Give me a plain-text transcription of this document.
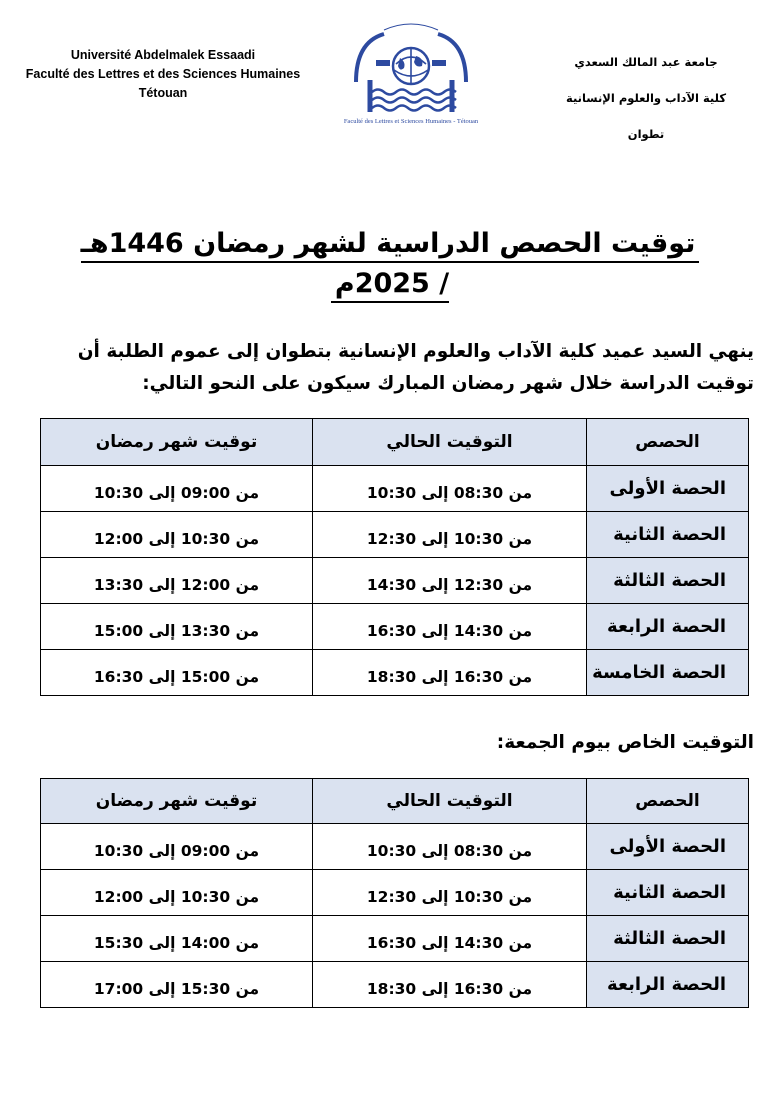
Université Abdelmalek Essaadi
Faculté des Lettres et des Sciences Humaines
Tétouan
Faculté des Lettres et Sciences Humaines - Tétouan
جامعة عبد المالك السعدي
كلية الآداب والعلوم الإنسانية
تطوان
توقيت الحصص الدراسية لشهر رمضان 1446هـ / 2025م
ينهي السيد عميد كلية الآداب والعلوم الإنسانية بتطوان إلى عموم الطلبة أن توقيت الدراسة خلال شهر رمضان المبارك سيكون على النحو التالي:
الحصص	التوقيت الحالي	توقيت شهر رمضان
الحصة الأولى	من 08:30 إلى 10:30	من 09:00 إلى 10:30
الحصة الثانية	من 10:30 إلى 12:30	من 10:30 إلى 12:00
الحصة الثالثة	من 12:30 إلى 14:30	من 12:00 إلى 13:30
الحصة الرابعة	من 14:30 إلى 16:30	من 13:30 إلى 15:00
الحصة الخامسة	من 16:30 إلى 18:30	من 15:00 إلى 16:30
التوقيت الخاص بيوم الجمعة:
الحصص	التوقيت الحالي	توقيت شهر رمضان
الحصة الأولى	من 08:30 إلى 10:30	من 09:00 إلى 10:30
الحصة الثانية	من 10:30 إلى 12:30	من 10:30 إلى 12:00
الحصة الثالثة	من 14:30 إلى 16:30	من 14:00 إلى 15:30
الحصة الرابعة	من 16:30 إلى 18:30	من 15:30 إلى 17:00
